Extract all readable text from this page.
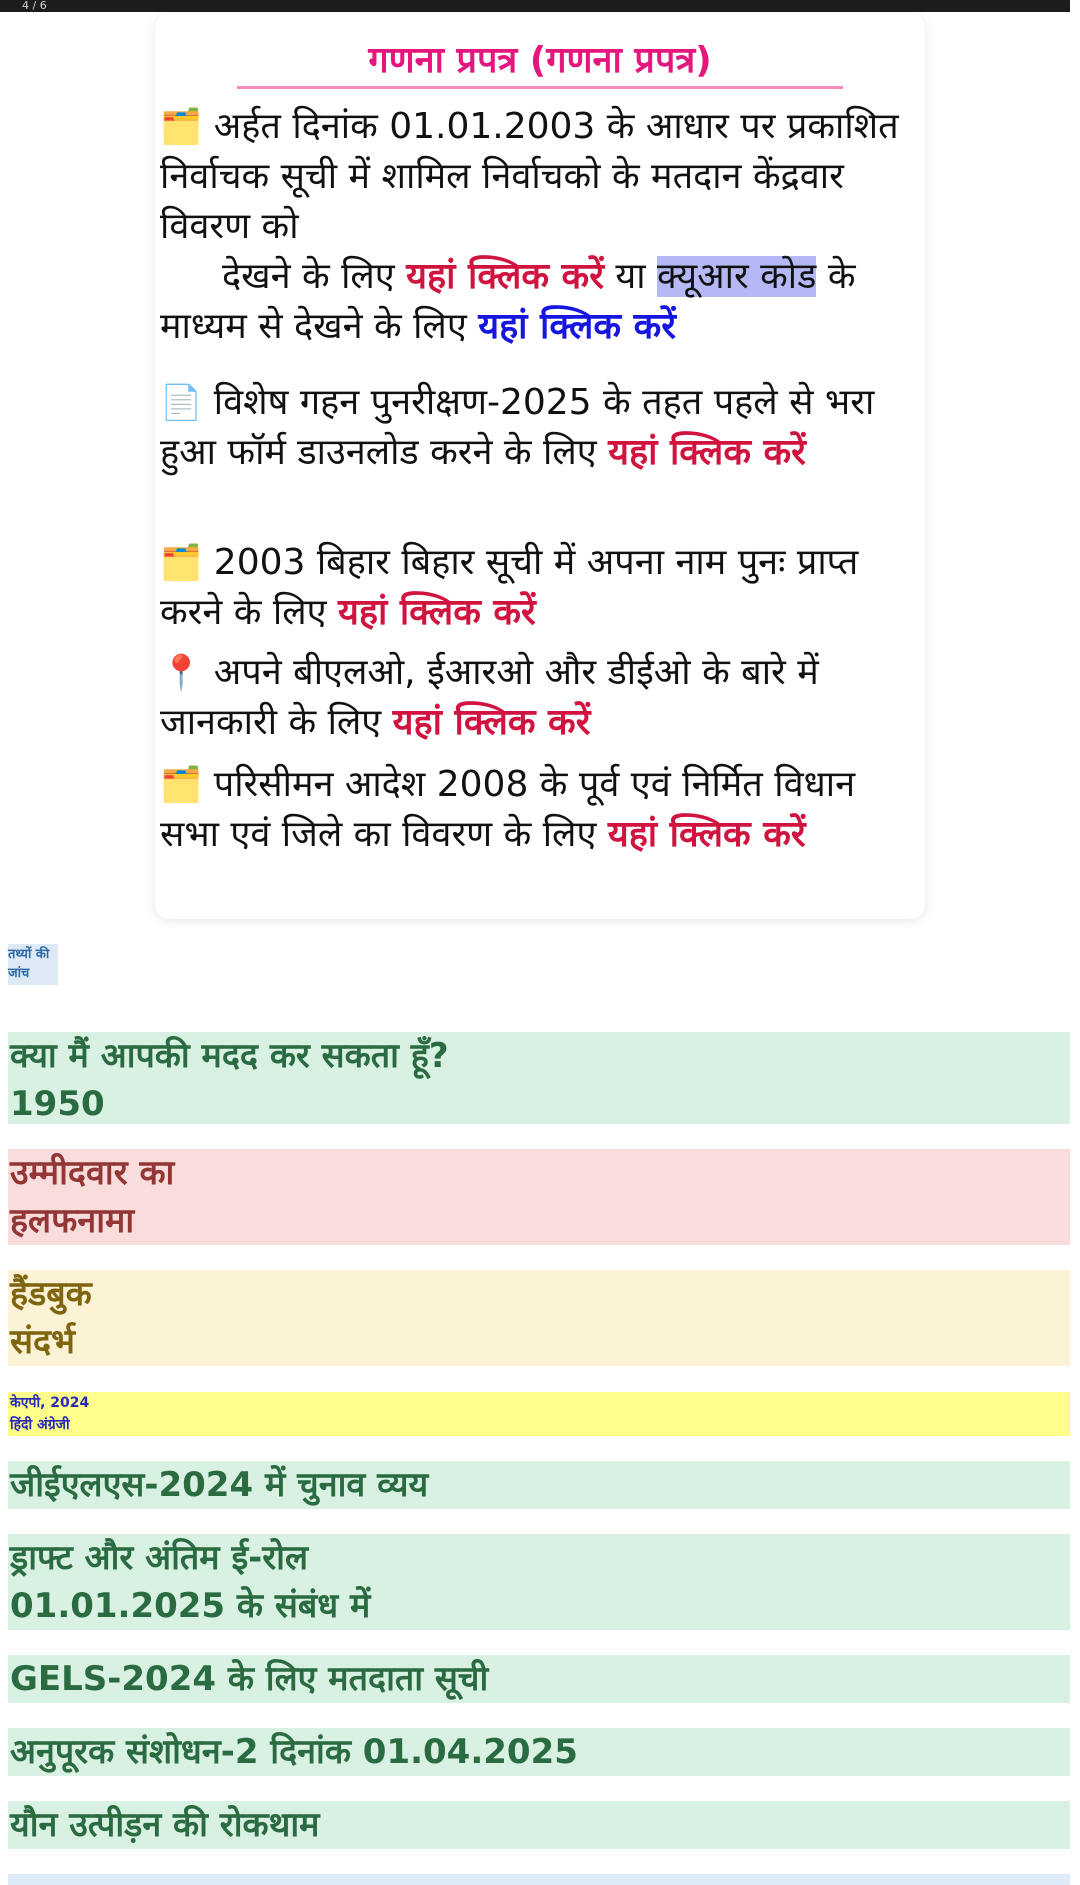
4 / 6
गणना प्रपत्र (गणना प्रपत्र)
🗂️ अर्हत दिनांक 01.01.2003 के आधार पर प्रकाशित निर्वाचक सूची में शामिल निर्वाचको के मतदान केंद्रवार विवरण को
देखने के लिए यहां क्लिक करें या क्यूआर कोड के माध्यम से देखने के लिए यहां क्लिक करें
📄 विशेष गहन पुनरीक्षण-2025 के तहत पहले से भरा हुआ फॉर्म डाउनलोड करने के लिए यहां क्लिक करें
🗂️ 2003 बिहार बिहार सूची में अपना नाम पुनः प्राप्त करने के लिए यहां क्लिक करें
📍 अपने बीएलओ, ईआरओ और डीईओ के बारे में जानकारी के लिए यहां क्लिक करें
🗂️ परिसीमन आदेश 2008 के पूर्व एवं निर्मित विधान सभा एवं जिले का विवरण के लिए यहां क्लिक करें
तथ्यों की
जांच
क्या मैं आपकी मदद कर सकता हूँ?
1950
उम्मीदवार का
हलफनामा
हैंडबुक
संदर्भ
केएपी, 2024
हिंदी अंग्रेजी
जीईएलएस-2024 में चुनाव व्यय
ड्राफ्ट और अंतिम ई-रोल
01.01.2025 के संबंध में
GELS-2024 के लिए मतदाता सूची
अनुपूरक संशोधन-2 दिनांक 01.04.2025
यौन उत्पीड़न की रोकथाम
